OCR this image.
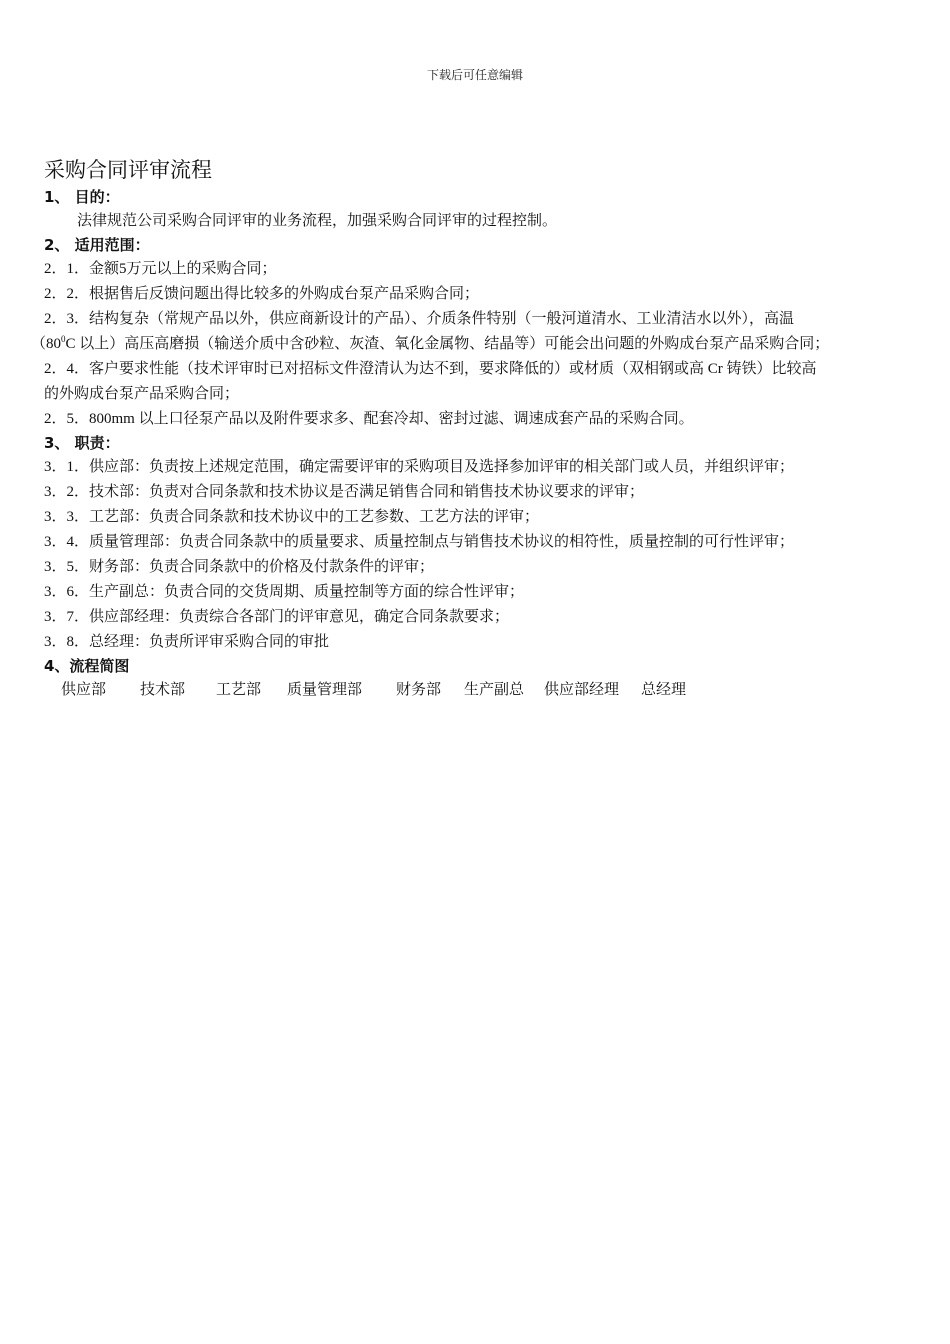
下载后可任意编辑
采购合同评审流程

1、 目的：

法律规范公司采购合同评审的业务流程，加强采购合同评审的过程控制。

2、 适用范围：

2．1．金额5万元以上的采购合同；

2．2．根据售后反馈问题出得比较多的外购成台泵产品采购合同；

2．3．结构复杂（常规产品以外，供应商新设计的产品）、介质条件特别（一般河道清水、工业清洁水以外），高温

（$80^0C$ 以上）高压高磨损（输送介质中含砂粒、灰渣、氧化金属物、结晶等）可能会出问题的外购成台泵产品采购合同；

2．4．客户要求性能（技术评审时已对招标文件澄清认为达不到，要求降低的）或材质（双相钢或高 Cr 铸铁）比较高

的外购成台泵产品采购合同；

2．5．800mm 以上口径泵产品以及附件要求多、配套冷却、密封过滤、调速成套产品的采购合同。

3、 职责：

3．1．供应部：负责按上述规定范围，确定需要评审的采购项目及选择参加评审的相关部门或人员，并组织评审；

3．2．技术部：负责对合同条款和技术协议是否满足销售合同和销售技术协议要求的评审；

3．3．工艺部：负责合同条款和技术协议中的工艺参数、工艺方法的评审；

3．4．质量管理部：负责合同条款中的质量要求、质量控制点与销售技术协议的相符性，质量控制的可行性评审；

3．5．财务部：负责合同条款中的价格及付款条件的评审；

3．6．生产副总：负责合同的交货周期、质量控制等方面的综合性评审；

3．7．供应部经理：负责综合各部门的评审意见，确定合同条款要求；

3．8．总经理：负责所评审采购合同的审批

4、流程简图

供应部 技术部 工艺部 质量管理部 财务部 生产副总 供应部经理 总经理
